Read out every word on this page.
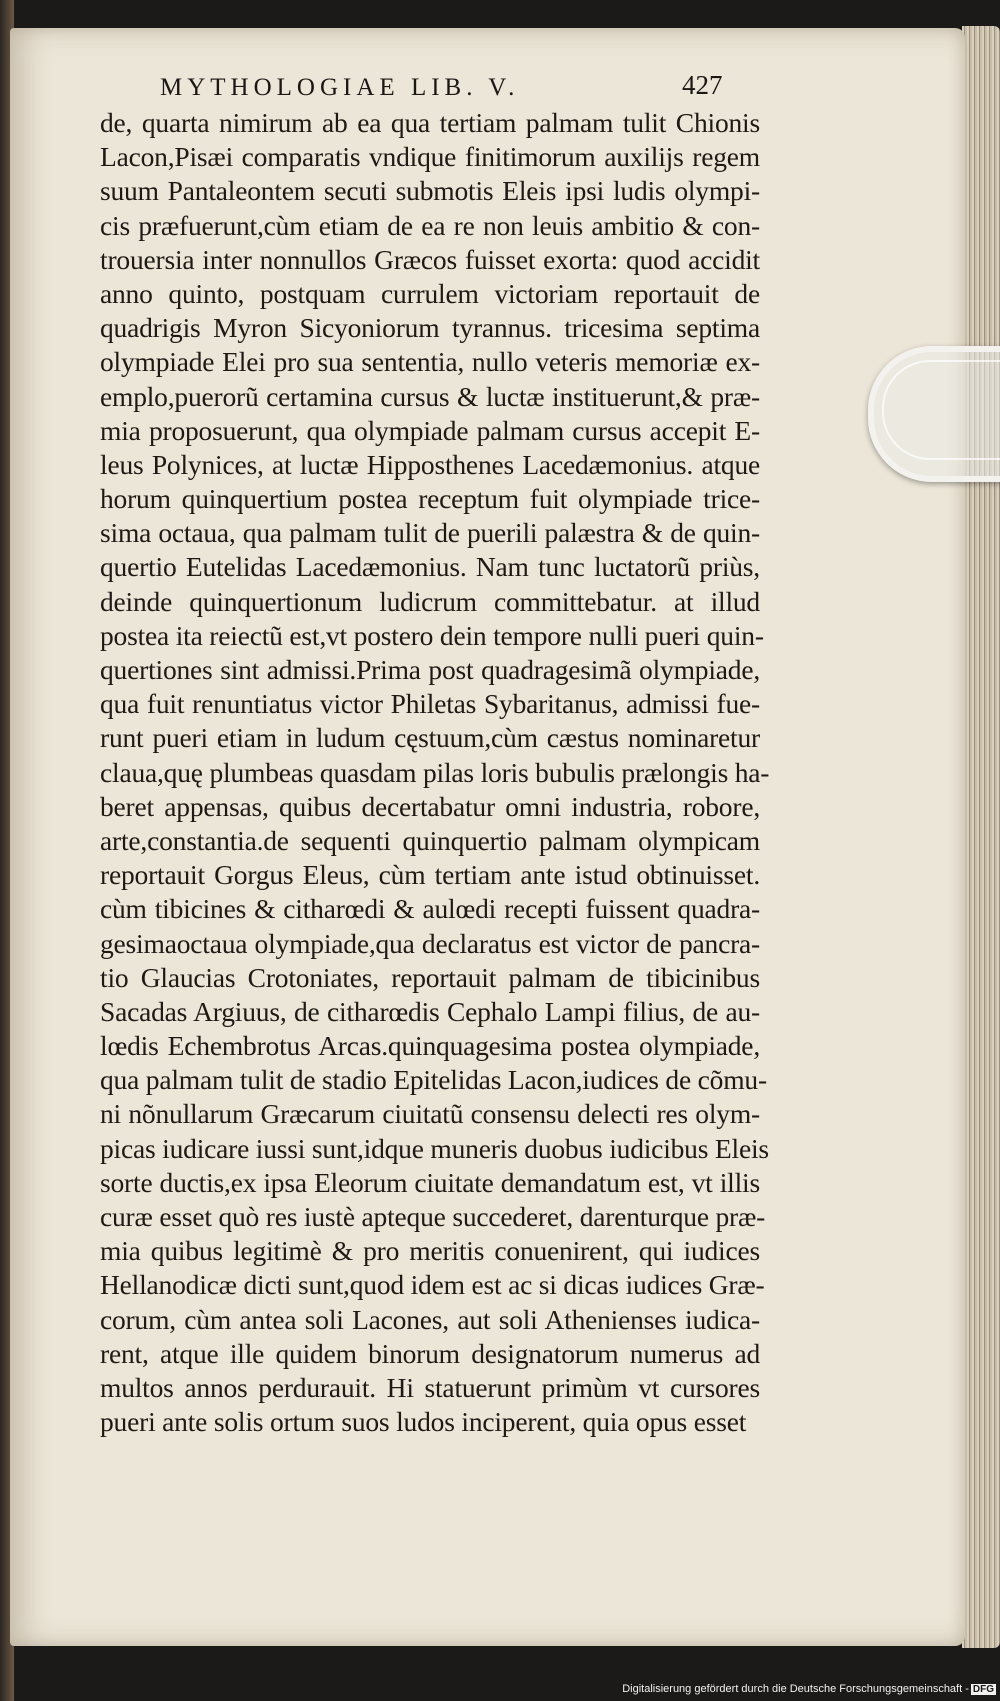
MYTHOLOGIAE LIB. V.	427
de, quarta nimirum ab ea qua tertiam palmam tulit Chionis
Lacon,Pisæi comparatis vndique finitimorum auxilijs regem
suum Pantaleontem secuti submotis Eleis ipsi ludis olympi-
cis præfuerunt,cùm etiam de ea re non leuis ambitio & con-
trouersia inter nonnullos Græcos fuisset exorta: quod accidit
anno quinto, postquam currulem victoriam reportauit de
quadrigis Myron Sicyoniorum tyrannus. tricesima septima
olympiade Elei pro sua sententia, nullo veteris memoriæ ex-
emplo,puerorũ certamina cursus & luctæ instituerunt,& præ-
mia proposuerunt, qua olympiade palmam cursus accepit E-
leus Polynices, at luctæ Hipposthenes Lacedæmonius. atque
horum quinquertium postea receptum fuit olympiade trice-
sima octaua, qua palmam tulit de puerili palæstra & de quin-
quertio Eutelidas Lacedæmonius. Nam tunc luctatorũ priùs,
deinde quinquertionum ludicrum committebatur. at illud
postea ita reiectũ est,vt postero dein tempore nulli pueri quin-
quertiones sint admissi.Prima post quadragesimã olympiade,
qua fuit renuntiatus victor Philetas Sybaritanus, admissi fue-
runt pueri etiam in ludum cęstuum,cùm cæstus nominaretur
claua,quę plumbeas quasdam pilas loris bubulis prælongis ha-
beret appensas, quibus decertabatur omni industria, robore,
arte,constantia.de sequenti quinquertio palmam olympicam
reportauit Gorgus Eleus, cùm tertiam ante istud obtinuisset.
cùm tibicines & citharœdi & aulœdi recepti fuissent quadra-
gesimaoctaua olympiade,qua declaratus est victor de pancra-
tio Glaucias Crotoniates, reportauit palmam de tibicinibus
Sacadas Argiuus, de citharœdis Cephalo Lampi filius, de au-
lœdis Echembrotus Arcas.quinquagesima postea olympiade,
qua palmam tulit de stadio Epitelidas Lacon,iudices de cõmu-
ni nõnullarum Græcarum ciuitatũ consensu delecti res olym-
picas iudicare iussi sunt,idque muneris duobus iudicibus Eleis
sorte ductis,ex ipsa Eleorum ciuitate demandatum est, vt illis
curæ esset quò res iustè apteque succederet, darenturque præ-
mia quibus legitimè & pro meritis conuenirent, qui iudices
Hellanodicæ dicti sunt,quod idem est ac si dicas iudices Græ-
corum, cùm antea soli Lacones, aut soli Athenienses iudica-
rent, atque ille quidem binorum designatorum numerus ad
multos annos perdurauit. Hi statuerunt primùm vt cursores
pueri ante solis ortum suos ludos inciperent, quia opus esset
Digitalisierung gefördert durch die Deutsche Forschungsgemeinschaft - DFG
